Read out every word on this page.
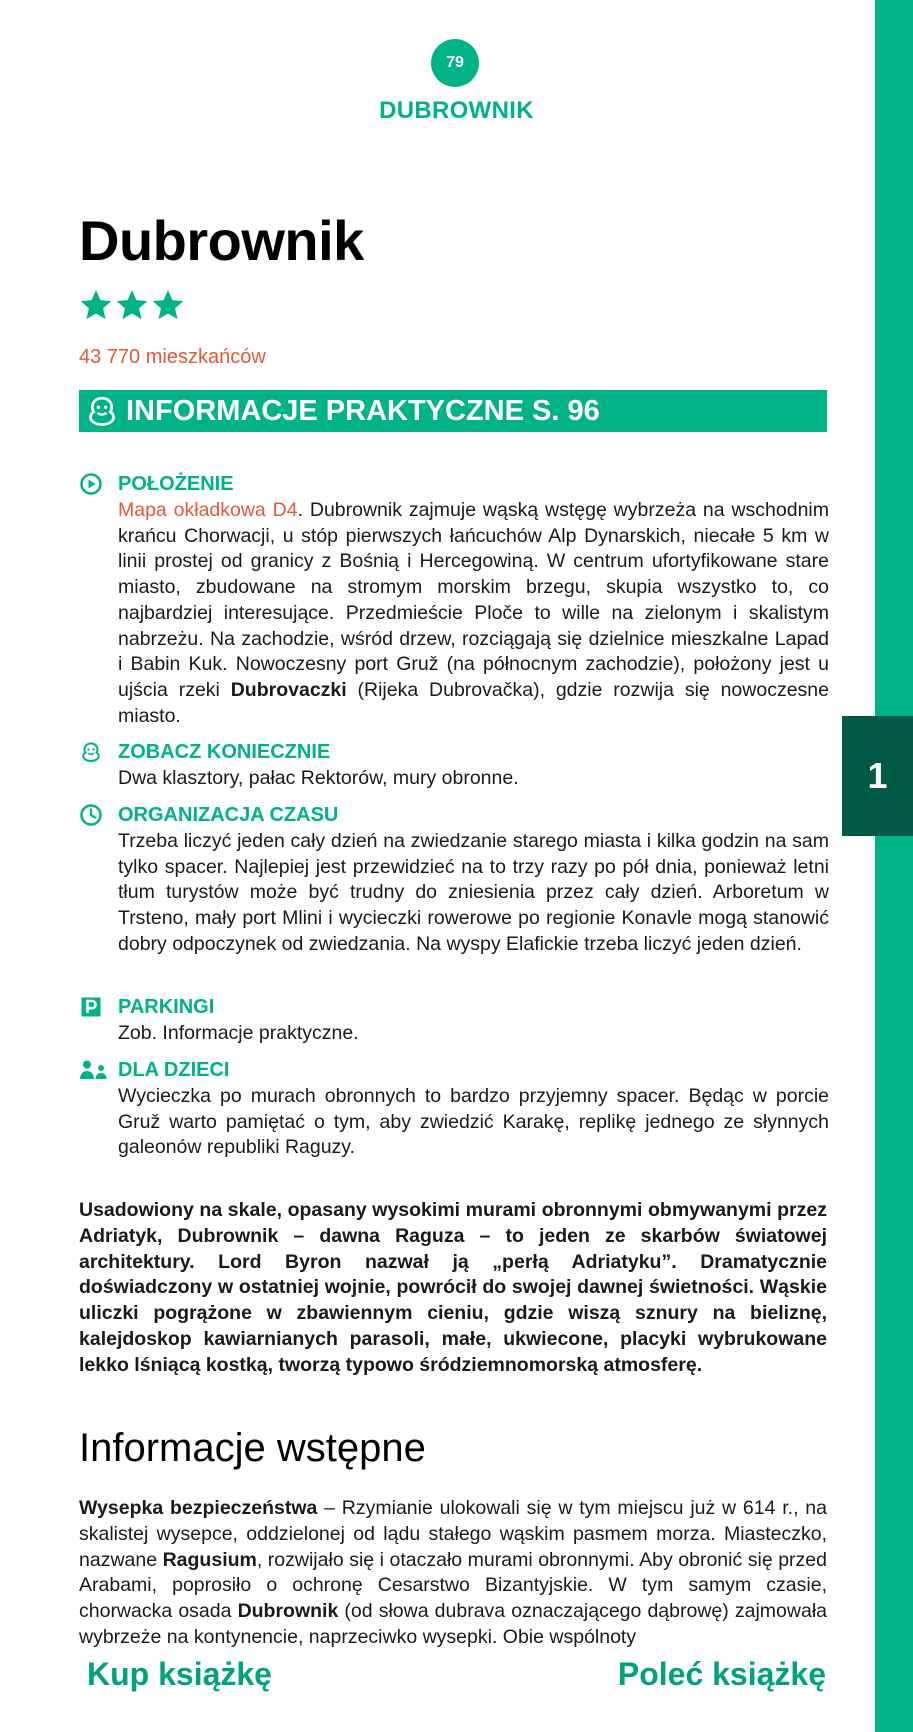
1
79
DUBROWNIK
Dubrownik
43 770 mieszkańców
INFORMACJE PRAKTYCZNE S. 96
POŁOŻENIE
Mapa okładkowa D4. Dubrownik zajmuje wąską wstęgę wybrzeża na wschodnim krańcu Chorwacji, u stóp pierwszych łańcuchów Alp Dynarskich, niecałe 5 km w linii prostej od granicy z Bośnią i Hercegowiną. W centrum ufortyfikowane stare miasto, zbudowane na stromym morskim brzegu, skupia wszystko to, co najbardziej interesujące. Przedmieście Ploče to wille na zielonym i skalistym nabrzeżu. Na zachodzie, wśród drzew, rozciągają się dzielnice mieszkalne Lapad i Babin Kuk. Nowoczesny port Gruž (na północnym zachodzie), położony jest u ujścia rzeki Dubrovaczki (Rijeka Dubrovačka), gdzie rozwija się nowoczesne miasto.
ZOBACZ KONIECZNIE
Dwa klasztory, pałac Rektorów, mury obronne.
ORGANIZACJA CZASU
Trzeba liczyć jeden cały dzień na zwiedzanie starego miasta i kilka godzin na sam tylko spacer. Najlepiej jest przewidzieć na to trzy razy po pół dnia, ponieważ letni tłum turystów może być trudny do zniesienia przez cały dzień. Arboretum w Trsteno, mały port Mlini i wycieczki rowerowe po regionie Konavle mogą stanowić dobry odpoczynek od zwiedzania. Na wyspy Elafickie trzeba liczyć jeden dzień.
PARKINGI
Zob. Informacje praktyczne.
DLA DZIECI
Wycieczka po murach obronnych to bardzo przyjemny spacer. Będąc w porcie Gruž warto pamiętać o tym, aby zwiedzić Karakę, replikę jednego ze słynnych galeonów republiki Raguzy.

Usadowiony na skale, opasany wysokimi murami obronnymi obmywanymi przez Adriatyk, Dubrownik – dawna Raguza – to jeden ze skarbów światowej architektury. Lord Byron nazwał ją „perłą Adriatyku”. Dramatycznie doświadczony w ostatniej wojnie, powrócił do swojej dawnej świetności. Wąskie uliczki pogrążone w zbawiennym cieniu, gdzie wiszą sznury na bieliznę, kalejdoskop kawiarnianych parasoli, małe, ukwiecone, placyki wybrukowane lekko lśniącą kostką, tworzą typowo śródziemnomorską atmosferę.

Informacje wstępne

Wysepka bezpieczeństwa – Rzymianie ulokowali się w tym miejscu już w 614 r., na skalistej wysepce, oddzielonej od lądu stałego wąskim pasmem morza. Miasteczko, nazwane Ragusium, rozwijało się i otaczało murami obronnymi. Aby obronić się przed Arabami, poprosiło o ochronę Cesarstwo Bizantyjskie. W tym samym czasie, chorwacka osada Dubrownik (od słowa dubrava oznaczającego dąbrowę) zajmowała wybrzeże na kontynencie, naprzeciwko wysepki. Obie wspólnoty

Kup książkę	Poleć książkę
